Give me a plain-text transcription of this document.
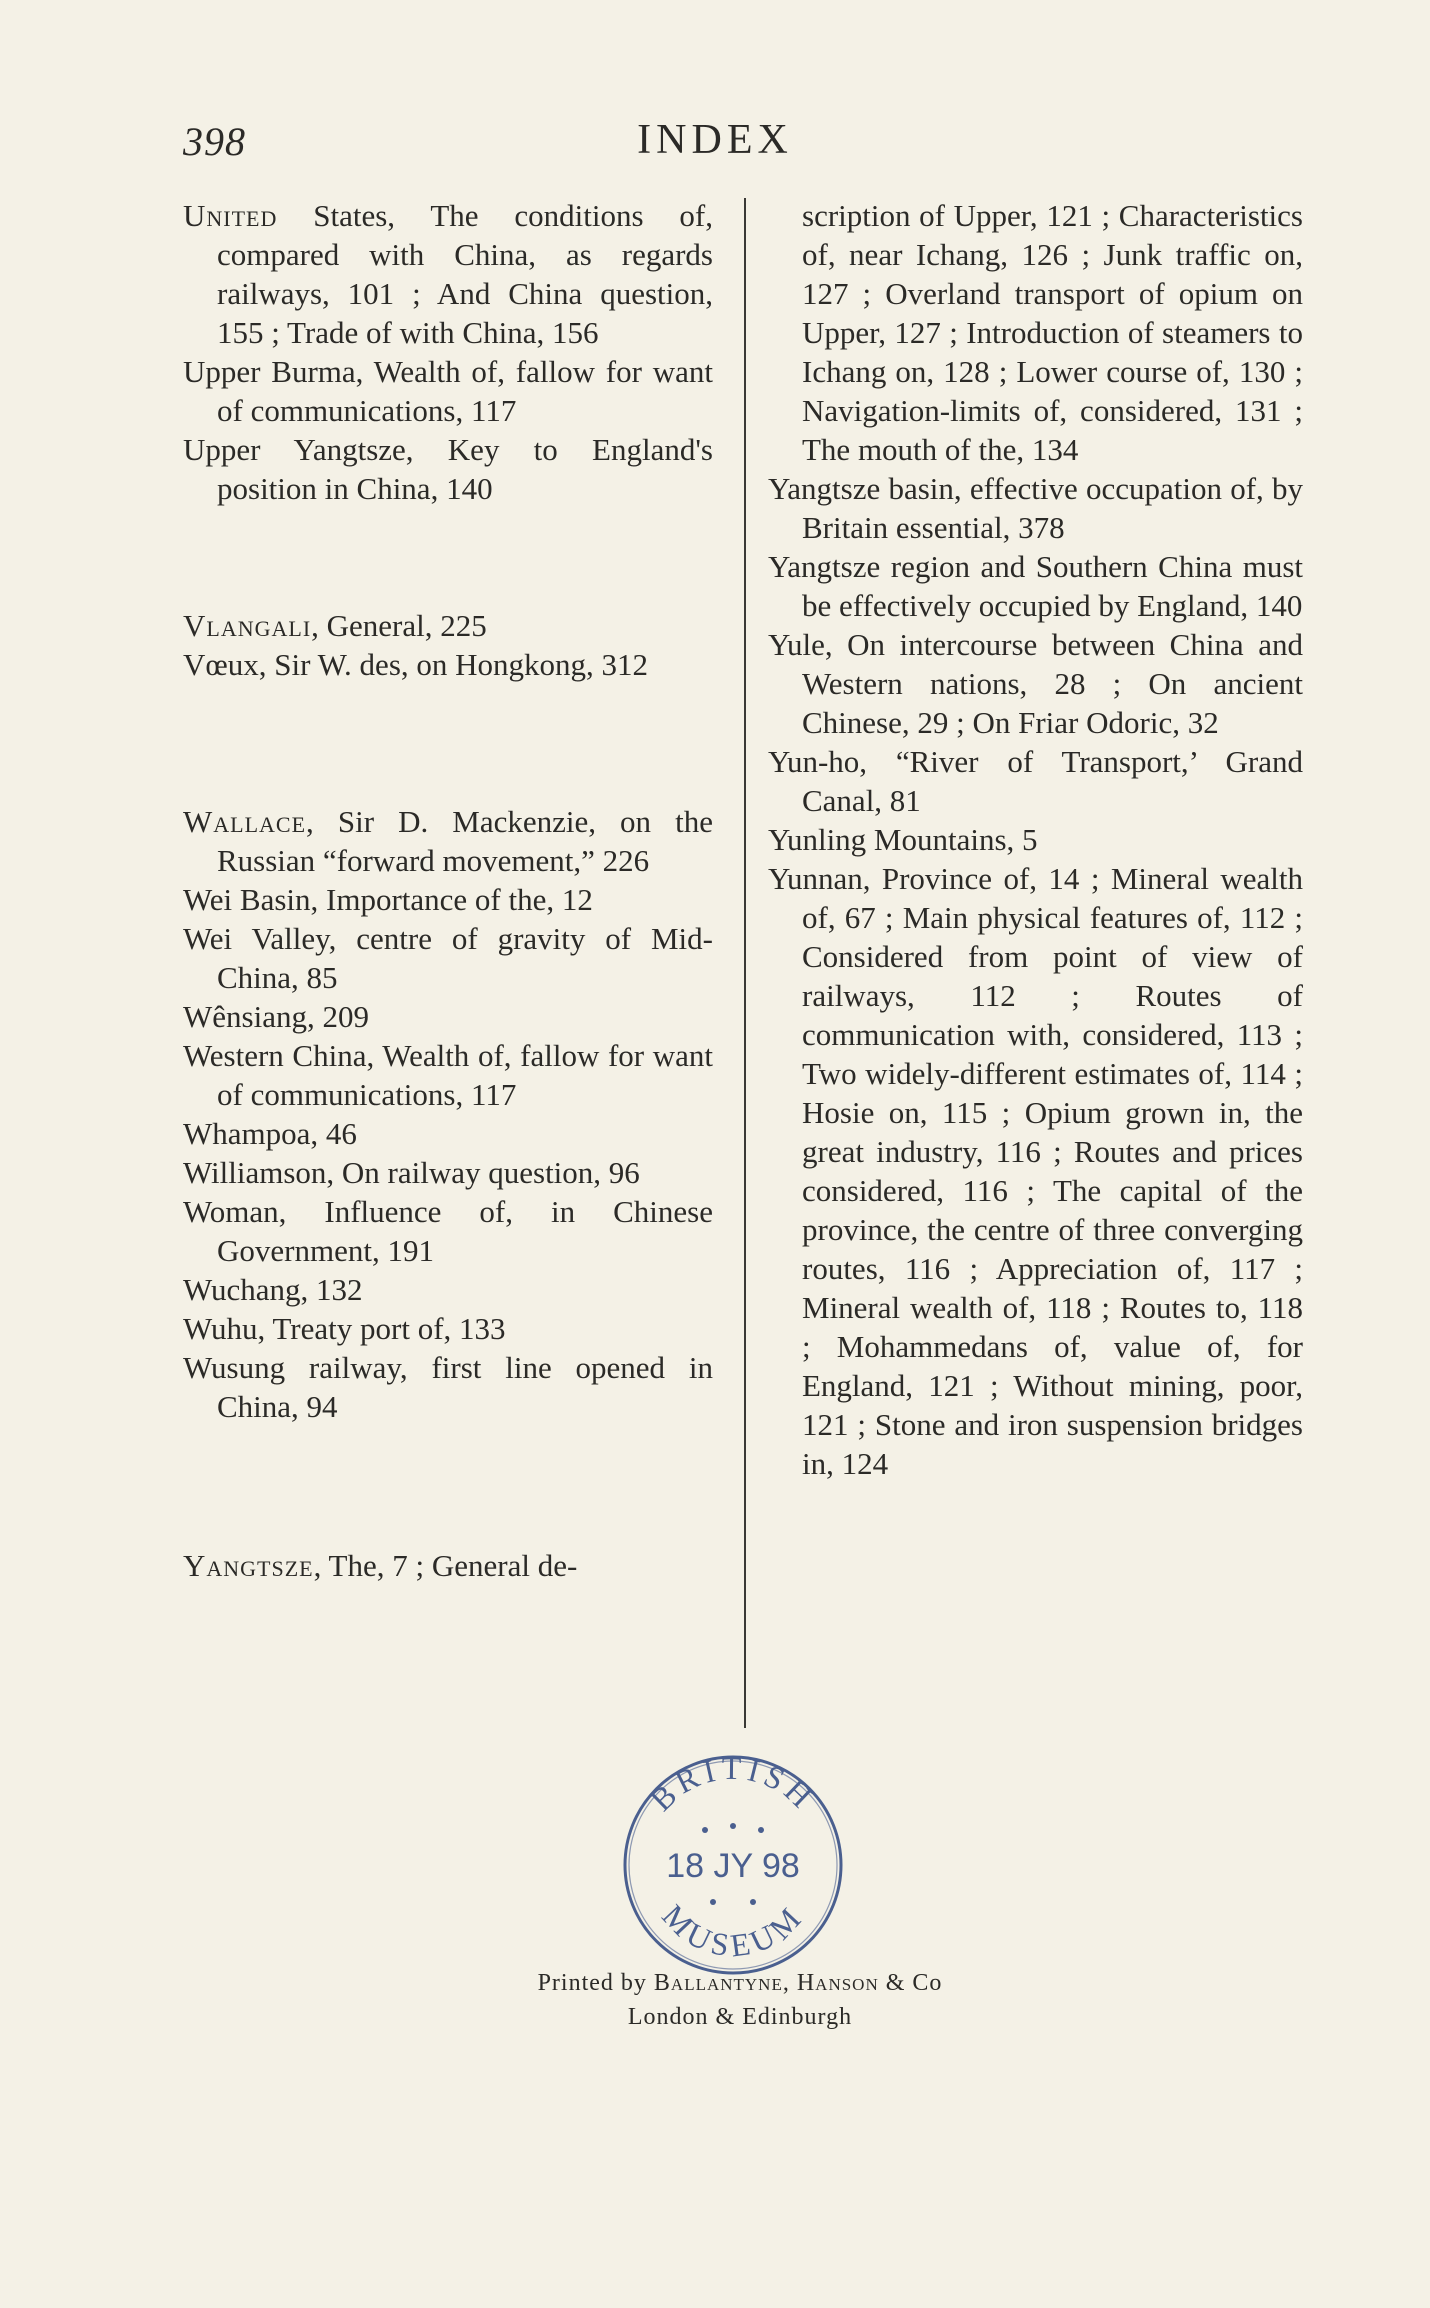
398	INDEX
United States, The conditions of, compared with China, as regards railways, 101 ; And China question, 155 ; Trade of with China, 156
Upper Burma, Wealth of, fallow for want of communications, 117
Upper Yangtsze, Key to England's position in China, 140
Vlangali, General, 225
Vœux, Sir W. des, on Hongkong, 312
Wallace, Sir D. Mackenzie, on the Russian “forward movement,” 226
Wei Basin, Importance of the, 12
Wei Valley, centre of gravity of Mid-China, 85
Wênsiang, 209
Western China, Wealth of, fallow for want of communications, 117
Whampoa, 46
Williamson, On railway question, 96
Woman, Influence of, in Chinese Government, 191
Wuchang, 132
Wuhu, Treaty port of, 133
Wusung railway, first line opened in China, 94
Yangtsze, The, 7 ; General de-
scription of Upper, 121 ; Characteristics of, near Ichang, 126 ; Junk traffic on, 127 ; Overland transport of opium on Upper, 127 ; Introduction of steamers to Ichang on, 128 ; Lower course of, 130 ; Navigation-limits of, considered, 131 ; The mouth of the, 134
Yangtsze basin, effective occupation of, by Britain essential, 378
Yangtsze region and Southern China must be effectively occupied by England, 140
Yule, On intercourse between China and Western nations, 28 ; On ancient Chinese, 29 ; On Friar Odoric, 32
Yun-ho, “River of Transport,’ Grand Canal, 81
Yunling Mountains, 5
Yunnan, Province of, 14 ; Mineral wealth of, 67 ; Main physical features of, 112 ; Considered from point of view of railways, 112 ; Routes of communication with, considered, 113 ; Two widely-different estimates of, 114 ; Hosie on, 115 ; Opium grown in, the great industry, 116 ; Routes and prices considered, 116 ; The capital of the province, the centre of three converging routes, 116 ; Appreciation of, 117 ; Mineral wealth of, 118 ; Routes to, 118 ; Mohammedans of, value of, for England, 121 ; Without mining, poor, 121 ; Stone and iron suspension bridges in, 124
BRITISH
18 JY 98
MUSEUM
Printed by Ballantyne, Hanson & Co
London & Edinburgh
